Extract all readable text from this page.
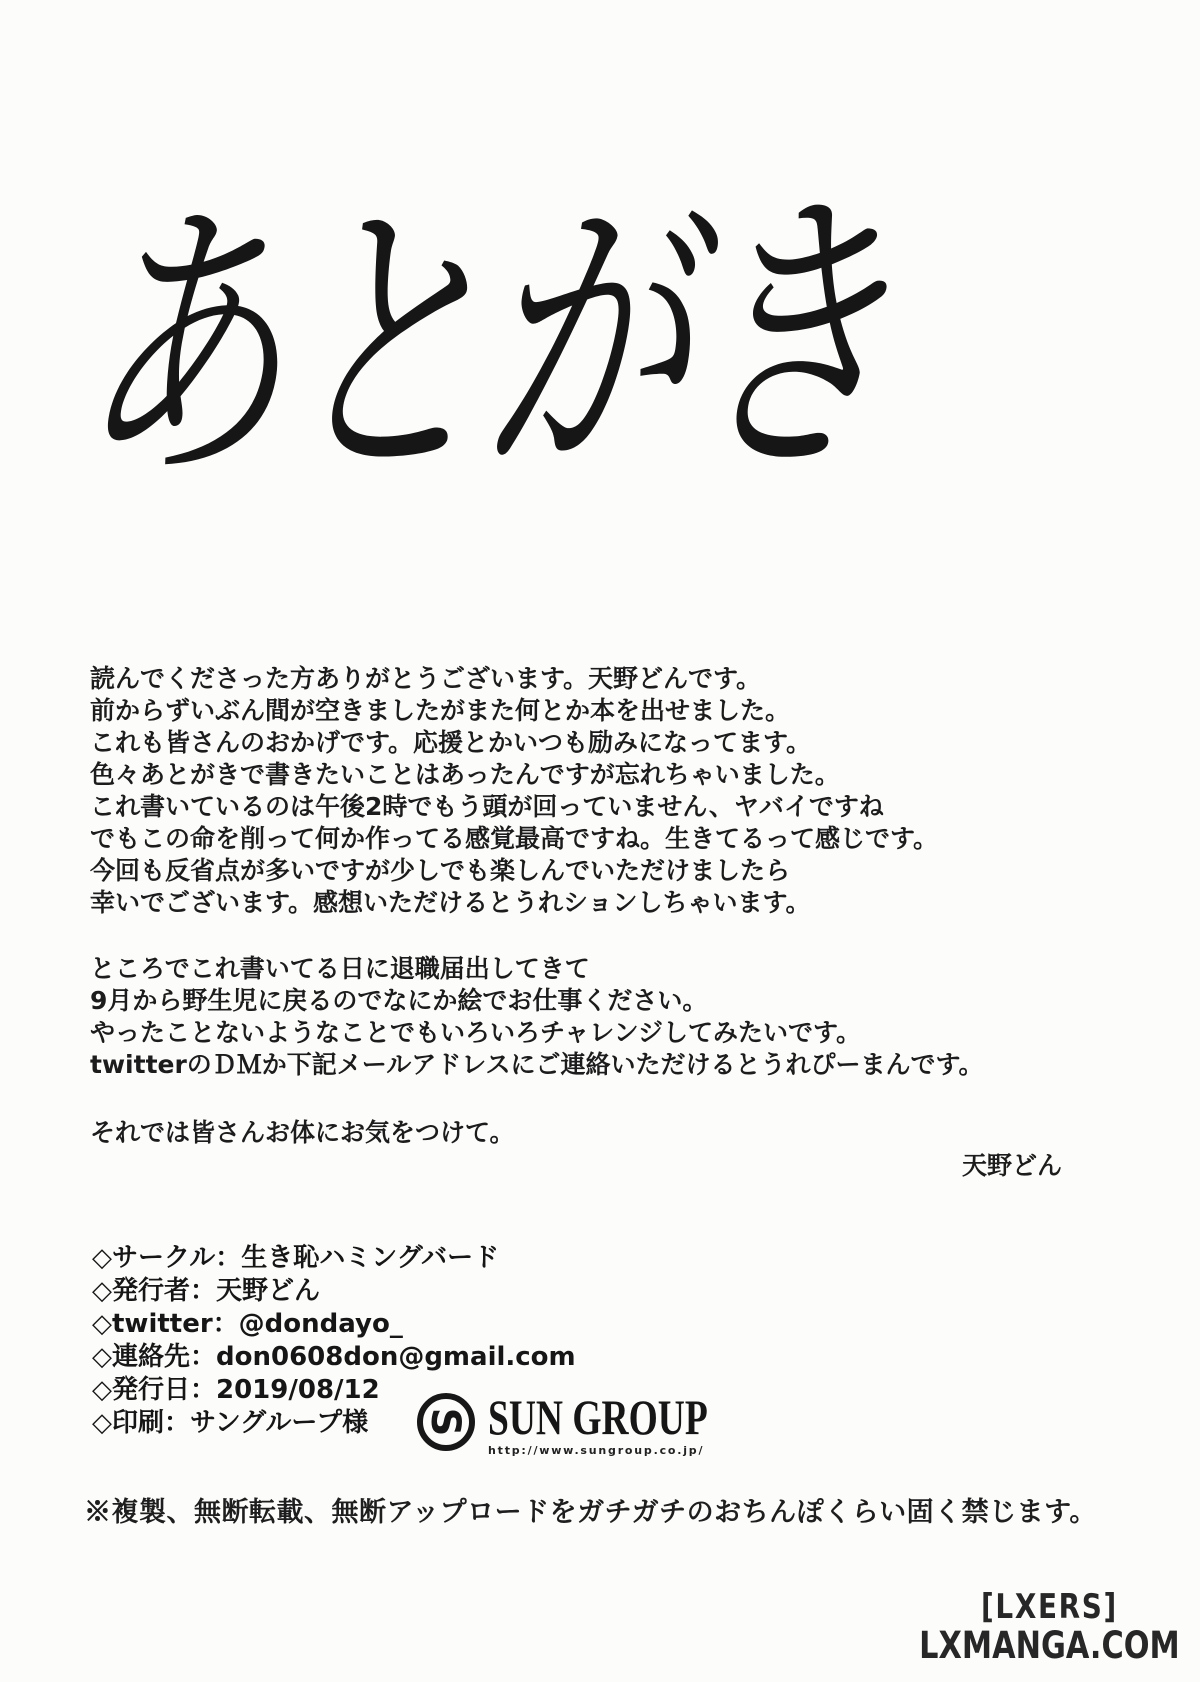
あとがき
読んでくださった方ありがとうございます。天野どんです。
前からずいぶん間が空きましたがまた何とか本を出せました。
これも皆さんのおかげです。応援とかいつも励みになってます。
色々あとがきで書きたいことはあったんですが忘れちゃいました。
これ書いているのは午後2時でもう頭が回っていません、ヤバイですね
でもこの命を削って何か作ってる感覚最高ですね。生きてるって感じです。
今回も反省点が多いですが少しでも楽しんでいただけましたら
幸いでございます。感想いただけるとうれションしちゃいます。
ところでこれ書いてる日に退職届出してきて
9月から野生児に戻るのでなにか絵でお仕事ください。
やったことないようなことでもいろいろチャレンジしてみたいです。
twitterのＤＭか下記メールアドレスにご連絡いただけるとうれぴーまんです。
それでは皆さんお体にお気をつけて。
天野どん
◇サークル：生き恥ハミングバード
◇発行者：天野どん
◇twitter：@dondayo_
◇連絡先：don0608don@gmail.com
◇発行日：2019/08/12
◇印刷：サングループ様	S SUN GROUP
http://www.sungroup.co.jp/
※複製、無断転載、無断アップロードをガチガチのおちんぽくらい固く禁じます。
[LXERS]
LXMANGA.COM
